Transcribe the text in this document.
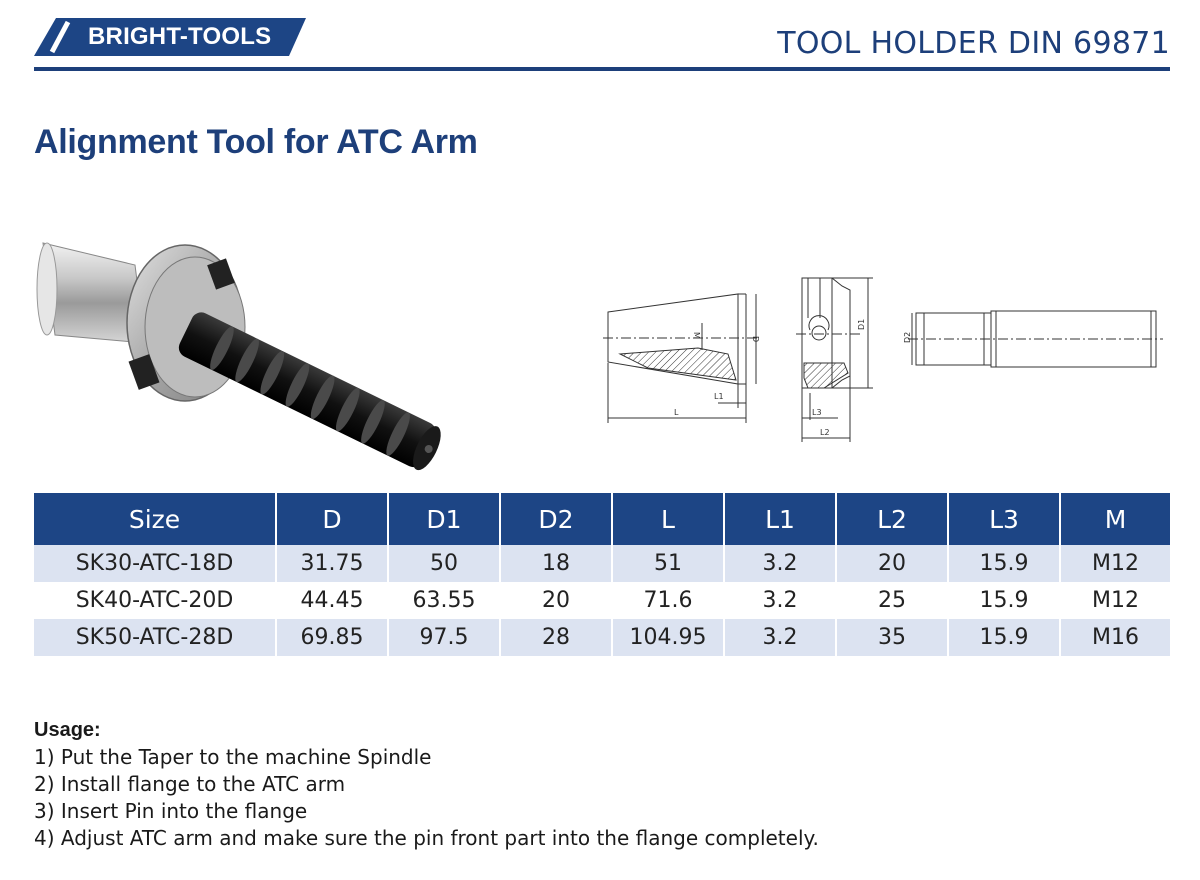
BRIGHT-TOOLS	TOOL HOLDER DIN 69871
Alignment Tool for ATC Arm
M
D
L1
L
D1
L3
L2
D2
Size	D	D1	D2	L	L1	L2	L3	M
SK30-ATC-18D	31.75	50	18	51	3.2	20	15.9	M12
SK40-ATC-20D	44.45	63.55	20	71.6	3.2	25	15.9	M12
SK50-ATC-28D	69.85	97.5	28	104.95	3.2	35	15.9	M16
Usage:
1) Put the Taper to the machine Spindle
2) Install flange to the ATC arm
3) Insert Pin into the flange
4) Adjust ATC arm and make sure the pin front part into the flange completely.
